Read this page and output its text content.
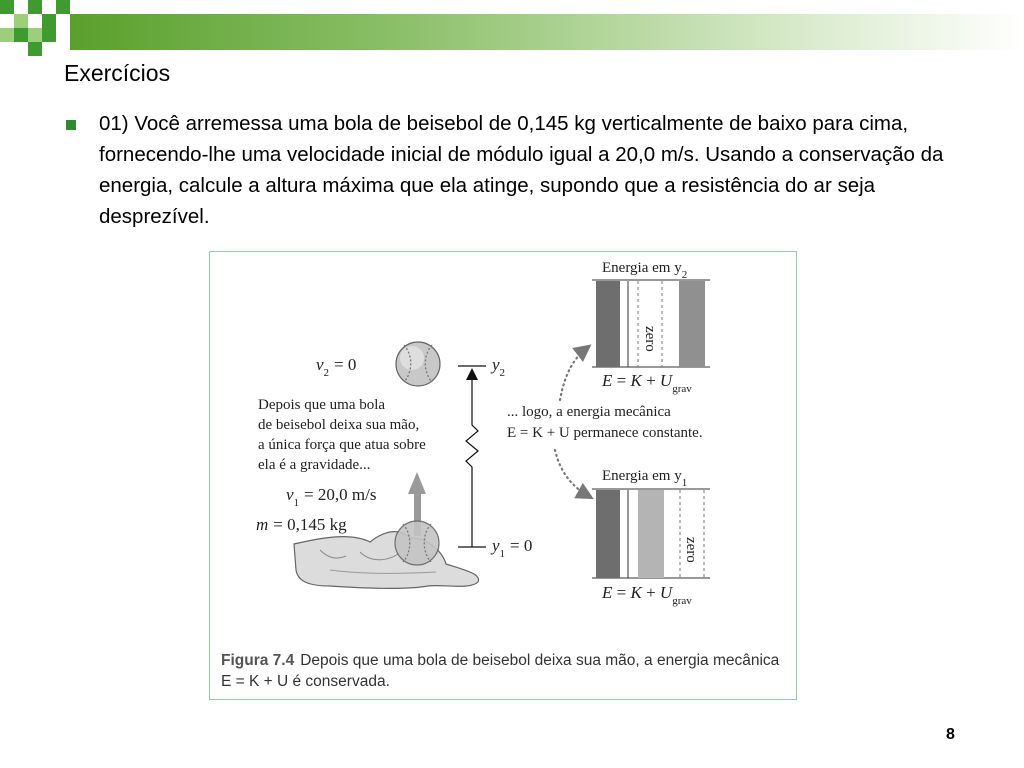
Exercícios
01) Você arremessa uma bola de beisebol de 0,145 kg verticalmente de baixo para cima, fornecendo-lhe uma velocidade inicial de módulo igual a 20,0 m/s. Usando a conservação da energia, calcule a altura máxima que ela atinge, supondo que a resistência do ar seja desprezível.
Energia em $y_2$
zero
$E = K + U_{grav}$
Energia em $y_1$
zero
$E = K + U_{grav}$
... logo, a energia mecânica
E = K + U permanece constante.
$v_2 = 0$	$y_2$
$y_1 = 0$
Depois que uma bola de beisebol deixa sua mão, a única força que atua sobre ela é a gravidade...
$v_1 = 20,0$ m/s
m = 0,145 kg
Figura 7.4 Depois que uma bola de beisebol deixa sua mão, a energia mecânica E = K + U é conservada.
8
